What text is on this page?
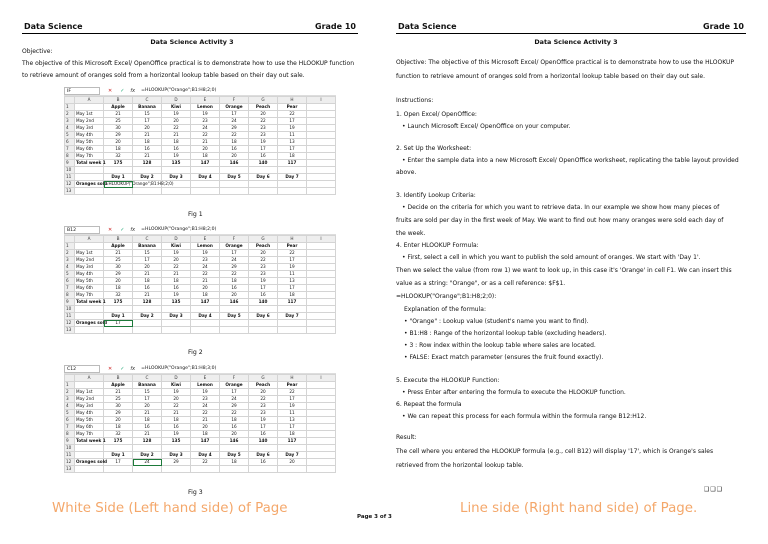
Data Science	Grade 10
Data Science Activity 3
Objective:
The objective of this Microsoft Excel/ OpenOffice practical is to demonstrate how to use the HLOOKUP function
to retrieve amount of oranges sold from a horizontal lookup table based on their day out sale.
IF	✕ ✓ fx =HLOOKUP("Orange";B1:H8;2;0)
	A	B	C	D	E	F	G	H	I
1		Apple	Banana	Kiwi	Lemon	Orange	Peach	Pear	
2	May 1st	21	15	19	19	17	20	22	
3	May 2nd	25	17	20	23	24	22	17	
4	May 3rd	30	20	22	24	29	23	19	
5	May 4th	29	21	21	22	22	23	11	
6	May 5th	20	18	18	21	18	19	13	
7	May 6th	18	16	16	20	16	17	17	
8	May 7th	32	21	19	18	20	16	18	
9	Total week 1	175	128	135	147	146	140	117	
10									
11		Day 1	Day 2	Day 3	Day 4	Day 5	Day 6	Day 7	
12	Oranges sold	=HLOOKUP("Orange";B1:H8;2;0)							
13									
Fig 1
B12	✕ ✓ fx =HLOOKUP("Orange";B1:H8;2;0)
	A	B	C	D	E	F	G	H	I
1		Apple	Banana	Kiwi	Lemon	Orange	Peach	Pear	
2	May 1st	21	15	19	19	17	20	22	
3	May 2nd	25	17	20	23	24	22	17	
4	May 3rd	30	20	22	24	29	23	19	
5	May 4th	29	21	21	22	22	23	11	
6	May 5th	20	18	18	21	18	19	13	
7	May 6th	18	16	16	20	16	17	17	
8	May 7th	32	21	19	18	20	16	18	
9	Total week 1	175	128	135	147	146	140	117	
10									
11		Day 1	Day 2	Day 3	Day 4	Day 5	Day 6	Day 7	
12	Oranges sold	17							
13									
Fig 2
C12	✕ ✓ fx =HLOOKUP("Orange";B1:H8;3;0)
	A	B	C	D	E	F	G	H	I
1		Apple	Banana	Kiwi	Lemon	Orange	Peach	Pear	
2	May 1st	21	15	19	19	17	20	22	
3	May 2nd	25	17	20	23	24	22	17	
4	May 3rd	30	20	22	24	29	23	19	
5	May 4th	29	21	21	22	22	23	11	
6	May 5th	20	18	18	21	18	19	13	
7	May 6th	18	16	16	20	16	17	17	
8	May 7th	32	21	19	18	20	16	18	
9	Total week 1	175	128	135	147	146	140	117	
10									
11		Day 1	Day 2	Day 3	Day 4	Day 5	Day 6	Day 7	
12	Oranges sold	17	24	29	22	18	16	20	
13									
Fig 3
White Side (Left hand side) of Page
Data Science	Grade 10
Data Science Activity 3
Objective: The objective of this Microsoft Excel/ OpenOffice practical is to demonstrate how to use the HLOOKUP
function to retrieve amount of oranges sold from a horizontal lookup table based on their day out sale.
Instructions:
1. Open Excel/ OpenOffice:
• Launch Microsoft Excel/ OpenOffice on your computer.
2. Set Up the Worksheet:
• Enter the sample data into a new Microsoft Excel/ OpenOffice worksheet, replicating the table layout provided
above.
3. Identify Lookup Criteria:
• Decide on the criteria for which you want to retrieve data. In our example we show how many pieces of
fruits are sold per day in the first week of May. We want to find out how many oranges were sold each day of
the week.
4. Enter HLOOKUP Formula:
• First, select a cell in which you want to publish the sold amount of oranges. We start with 'Day 1'.
Then we select the value (from row 1) we want to look up, in this case it's 'Orange' in cell F1. We can insert this
value as a string: "Orange", or as a cell reference: $F$1.
=HLOOKUP("Orange";B1:H8;2;0):
Explanation of the formula:
• "Orange" : Lookup value (student's name you want to find).
• B1:H8 : Range of the horizontal lookup table (excluding headers).
• 3 : Row index within the lookup table where sales are located.
• FALSE: Exact match parameter (ensures the fruit found exactly).
5. Execute the HLOOKUP Function:
• Press Enter after entering the formula to execute the HLOOKUP function.
6. Repeat the formula
• We can repeat this process for each formula within the formula range B12:H12.
Result:
The cell where you entered the HLOOKUP formula (e.g., cell B12) will display '17', which is Orange's sales
retrieved from the horizontal lookup table.
Line side (Right hand side) of Page.
❑❑❑
Page 3 of 3
